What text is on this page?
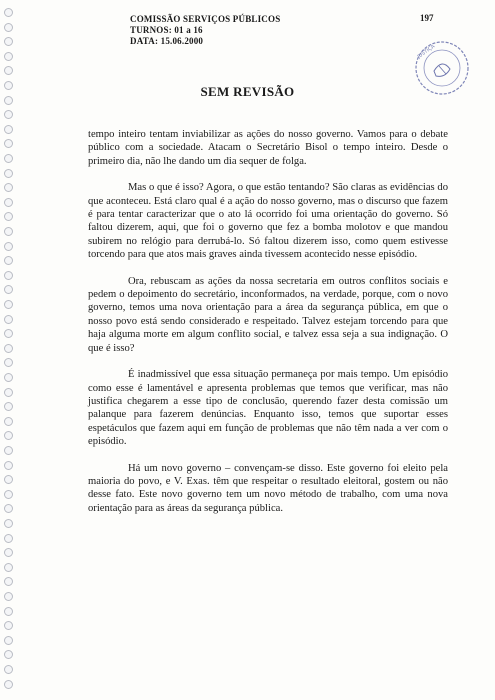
COMISSÃO SERVIÇOS PÚBLICOS
TURNOS: 01 a 16
DATA: 15.06.2000
197
JUSTIÇA
SEM REVISÃO

tempo inteiro tentam inviabilizar as ações do nosso governo. Vamos para o debate público com a sociedade. Atacam o Secretário Bisol o tempo inteiro. Desde o primeiro dia, não lhe dando um dia sequer de folga.

Mas o que é isso? Agora, o que estão tentando? São claras as evidências do que aconteceu. Está claro qual é a ação do nosso governo, mas o discurso que fazem é para tentar caracterizar que o ato lá ocorrido foi uma orientação do governo. Só faltou dizerem, aqui, que foi o governo que fez a bomba molotov e que mandou subirem no relógio para derrubá-lo. Só faltou dizerem isso, como quem estivesse torcendo para que atos mais graves ainda tivessem acontecido nesse episódio.

Ora, rebuscam as ações da nossa secretaria em outros conflitos sociais e pedem o depoimento do secretário, inconformados, na verdade, porque, com o novo governo, temos uma nova orientação para a área da segurança pública, em que o nosso povo está sendo considerado e respeitado. Talvez estejam torcendo para que haja alguma morte em algum conflito social, e talvez essa seja a sua indignação. O que é isso?

É inadmissível que essa situação permaneça por mais tempo. Um episódio como esse é lamentável e apresenta problemas que temos que verificar, mas não justifica chegarem a esse tipo de conclusão, querendo fazer desta comissão um palanque para fazerem denúncias. Enquanto isso, temos que suportar esses espetáculos que fazem aqui em função de problemas que não têm nada a ver com o episódio.

Há um novo governo – convençam-se disso. Este governo foi eleito pela maioria do povo, e V. Exas. têm que respeitar o resultado eleitoral, gostem ou não desse fato. Este novo governo tem um novo método de trabalho, com uma nova orientação para as áreas da segurança pública.
